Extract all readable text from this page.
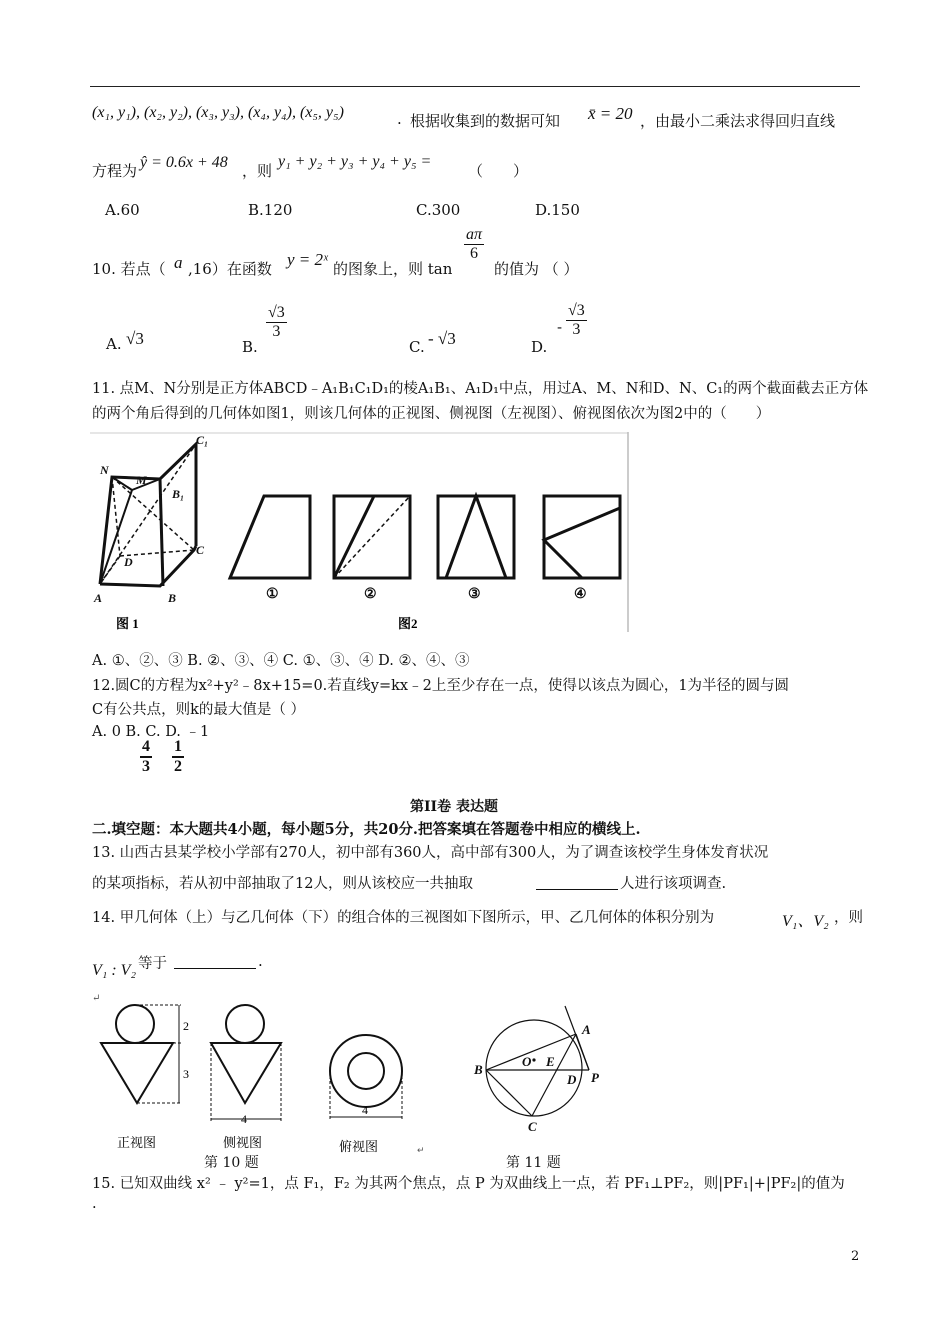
(x₁, y₁), (x₂, y₂), (x₃, y₃), (x₄, y₄), (x₅, y₅)	. 根据收集到的数据可知 x̄ = 20 ，由最小二乘法求得回归直线
方程为 ŷ = 0.6x + 48 ，则
y₁ + y₂ + y₃ + y₄ + y₅ =
（　　）
A.60	B.120	C.300	D.150
10. 若点（ a ,16）在函数 y = 2ˣ 的图象上，则 tan
$\frac{a\pi}{6}$
的值为 （ ）
A. √3	B.
$\frac{√3}{3}$
C. - √3	D.
- $\frac{√3}{3}$
11. 点M、N分别是正方体ABCD﹣A₁B₁C₁D₁的棱A₁B₁、A₁D₁中点，用过A、M、N和D、N、C₁的两个截面截去正方体
的两个角后得到的几何体如图1，则该几何体的正视图、侧视图（左视图）、俯视图依次为图2中的（　　）
N
M
C₁
B₁
C
D
A	B
图 1
①	②	③	④
图2
A. ①、②、③ B. ②、③、④ C. ①、③、④ D. ②、④、③
12.圆C的方程为x²+y²﹣8x+15=0.若直线y=kx﹣2上至少存在一点，使得以该点为圆心，1为半径的圆与圆
C有公共点，则k的最大值是（ ）
A. 0 B. C. D. ﹣1
$\frac{4}{3} \frac{1}{2}$
第II卷 表达题
二.填空题：本大题共4小题，每小题5分，共20分.把答案填在答题卷中相应的横线上.
13. 山西古县某学校小学部有270人，初中部有360人，高中部有300人，为了调查该校学生身体发育状况
的某项指标，若从初中部抽取了12人，则从该校应一共抽取	人进行该项调查.
14. 甲几何体（上）与乙几何体（下）的组合体的三视图如下图所示，甲、乙几何体的体积分别为	V₁、V₂ ，则
V₁ : V₂ 等于	.
↵
2
3
4
4
正视图	侧视图	俯视图	↵
第 10 题
A
B
O E
D P
C
第 11 题
15. 已知双曲线 x² ﹣ y²=1，点 F₁，F₂ 为其两个焦点，点 P 为双曲线上一点，若 PF₁⊥PF₂，则|PF₁|+|PF₂|的值为
.
2
